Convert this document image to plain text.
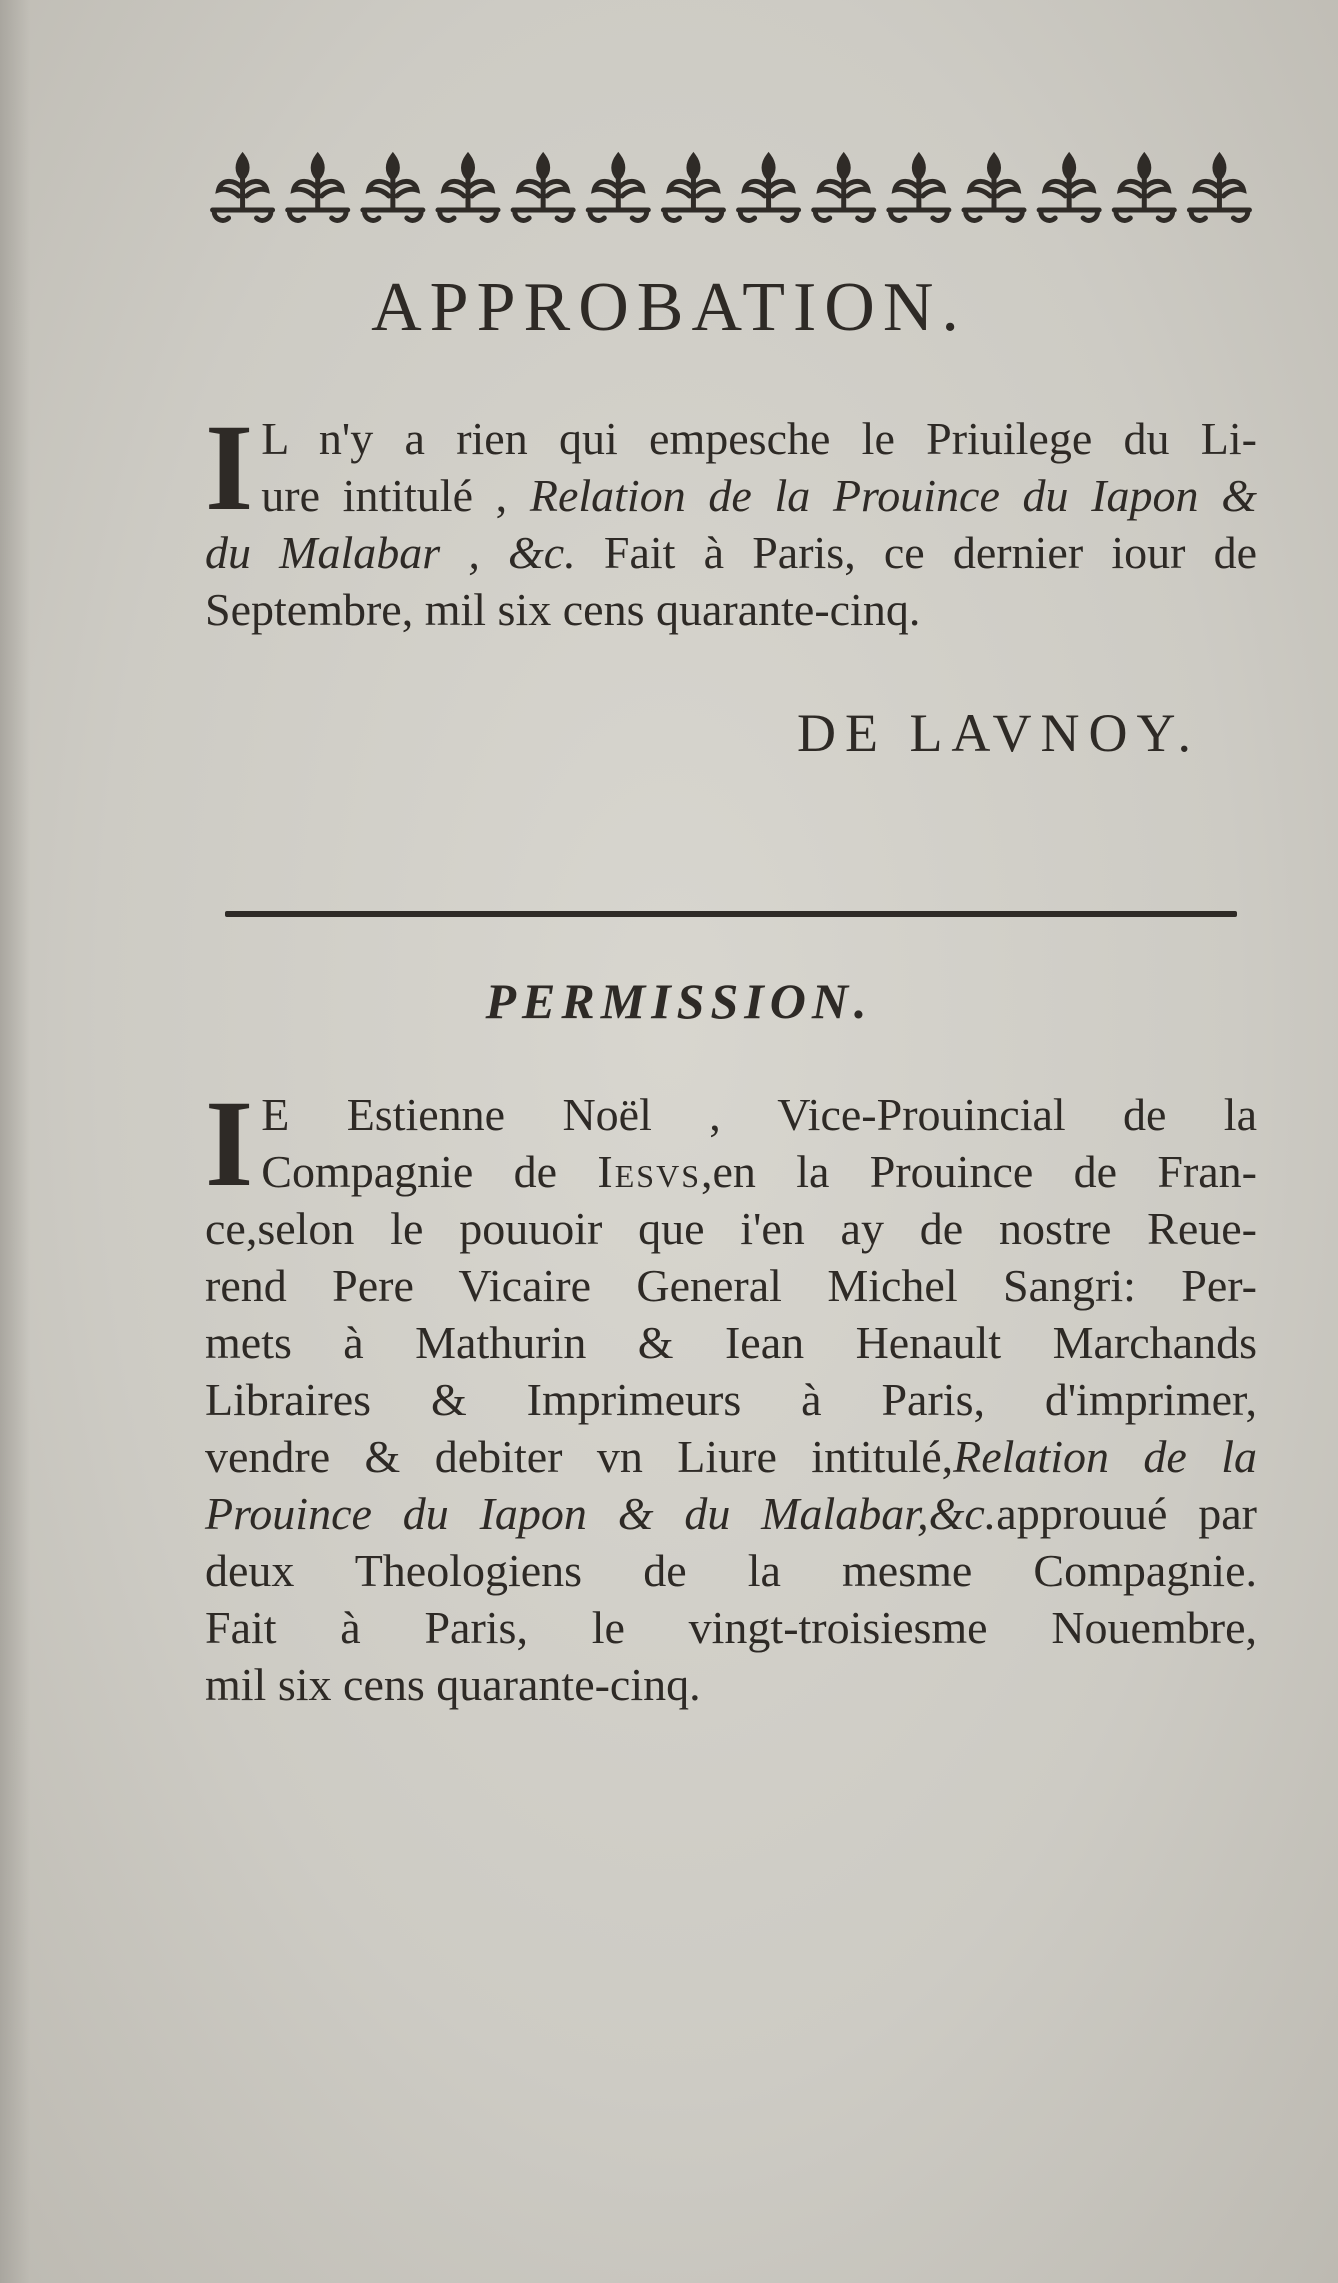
APPROBATION.
I L n'y a rien qui empesche le Priuilege du Li-
ure intitulé , Relation de la Prouince du Iapon &
du Malabar , &c. Fait à Paris, ce dernier iour de
Septembre, mil six cens quarante-cinq.
DE LAVNOY.
PERMISSION.
I E Estienne Noël , Vice-Prouincial de la
Compagnie de Iesvs,en la Prouince de Fran-
ce,selon le pouuoir que i'en ay de nostre Reue-
rend Pere Vicaire General Michel Sangri: Per-
mets à Mathurin & Iean Henault Marchands
Libraires & Imprimeurs à Paris, d'imprimer,
vendre & debiter vn Liure intitulé,Relation de la
Prouince du Iapon & du Malabar,&c.approuué par
deux Theologiens de la mesme Compagnie.
Fait à Paris, le vingt-troisiesme Nouembre,
mil six cens quarante-cinq.
